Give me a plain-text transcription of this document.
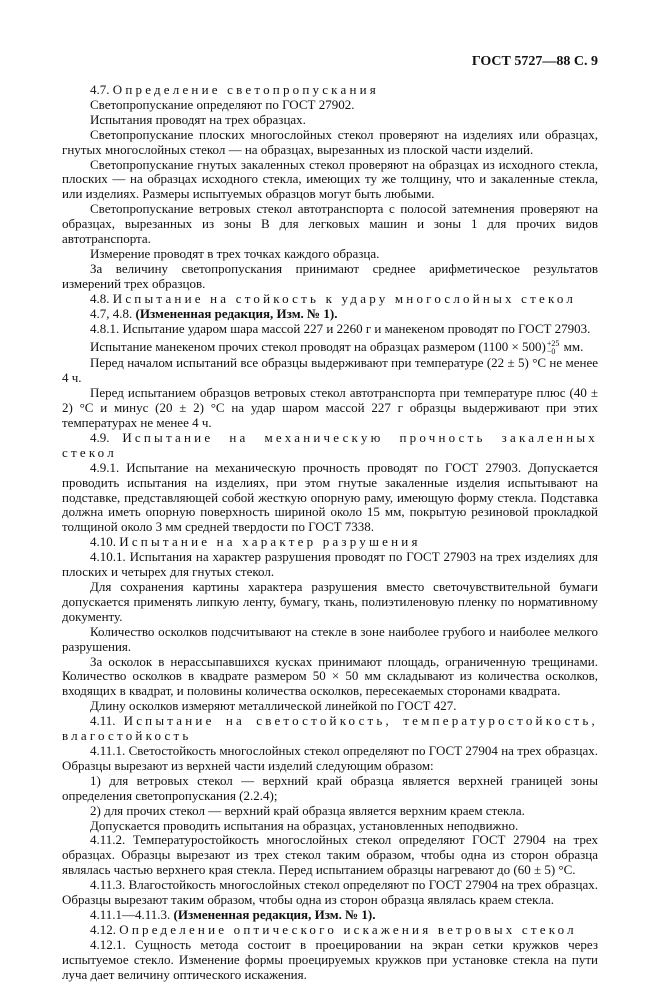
ГОСТ 5727—88 С. 9

4.7. Определение светопропускания

Светопропускание определяют по ГОСТ 27902.

Испытания проводят на трех образцах.

Светопропускание плоских многослойных стекол проверяют на изделиях или образцах, гнутых многослойных стекол — на образцах, вырезанных из плоской части изделий.

Светопропускание гнутых закаленных стекол проверяют на образцах из исходного стекла, плоских — на образцах исходного стекла, имеющих ту же толщину, что и закаленные стекла, или изделиях. Размеры испытуемых образцов могут быть любыми.

Светопропускание ветровых стекол автотранспорта с полосой затемнения проверяют на образцах, вырезанных из зоны В для легковых машин и зоны 1 для прочих видов автотранспорта.

Измерение проводят в трех точках каждого образца.

За величину светопропускания принимают среднее арифметическое результатов измерений трех образцов.

4.8. Испытание на стойкость к удару многослойных стекол

4.7, 4.8. (Измененная редакция, Изм. № 1).

4.8.1. Испытание ударом шара массой 227 и 2260 г и манекеном проводят по ГОСТ 27903.

Испытание манекеном прочих стекол проводят на образцах размером (1100 × 500) +25
−0 мм.

Перед началом испытаний все образцы выдерживают при температуре (22 ± 5) °С не менее 4 ч.

Перед испытанием образцов ветровых стекол автотранспорта при температуре плюс (40 ± 2) °С и минус (20 ± 2) °С на удар шаром массой 227 г образцы выдерживают при этих температурах не менее 4 ч.

4.9. Испытание на механическую прочность закаленных стекол

4.9.1. Испытание на механическую прочность проводят по ГОСТ 27903. Допускается проводить испытания на изделиях, при этом гнутые закаленные изделия испытывают на подставке, представляющей собой жесткую опорную раму, имеющую форму стекла. Подставка должна иметь опорную поверхность шириной около 15 мм, покрытую резиновой прокладкой толщиной около 3 мм средней твердости по ГОСТ 7338.

4.10. Испытание на характер разрушения

4.10.1. Испытания на характер разрушения проводят по ГОСТ 27903 на трех изделиях для плоских и четырех для гнутых стекол.

Для сохранения картины характера разрушения вместо светочувствительной бумаги допускается применять липкую ленту, бумагу, ткань, полиэтиленовую пленку по нормативному документу.

Количество осколков подсчитывают на стекле в зоне наиболее грубого и наиболее мелкого разрушения.

За осколок в нерассыпавшихся кусках принимают площадь, ограниченную трещинами. Количество осколков в квадрате размером 50 × 50 мм складывают из количества осколков, входящих в квадрат, и половины количества осколков, пересекаемых сторонами квадрата.

Длину осколков измеряют металлической линейкой по ГОСТ 427.

4.11. Испытание на светостойкость, температуростойкость, влагостойкость

4.11.1. Светостойкость многослойных стекол определяют по ГОСТ 27904 на трех образцах. Образцы вырезают из верхней части изделий следующим образом:

1) для ветровых стекол — верхний край образца является верхней границей зоны определения светопропускания (2.2.4);

2) для прочих стекол — верхний край образца является верхним краем стекла.

Допускается проводить испытания на образцах, установленных неподвижно.

4.11.2. Температуростойкость многослойных стекол определяют ГОСТ 27904 на трех образцах. Образцы вырезают из трех стекол таким образом, чтобы одна из сторон образца являлась частью верхнего края стекла. Перед испытанием образцы нагревают до (60 ± 5) °С.

4.11.3. Влагостойкость многослойных стекол определяют по ГОСТ 27904 на трех образцах. Образцы вырезают таким образом, чтобы одна из сторон образца являлась краем стекла.

4.11.1—4.11.3. (Измененная редакция, Изм. № 1).

4.12. Определение оптического искажения ветровых стекол

4.12.1. Сущность метода состоит в проецировании на экран сетки кружков через испытуемое стекло. Изменение формы проецируемых кружков при установке стекла на пути луча дает величину оптического искажения.
